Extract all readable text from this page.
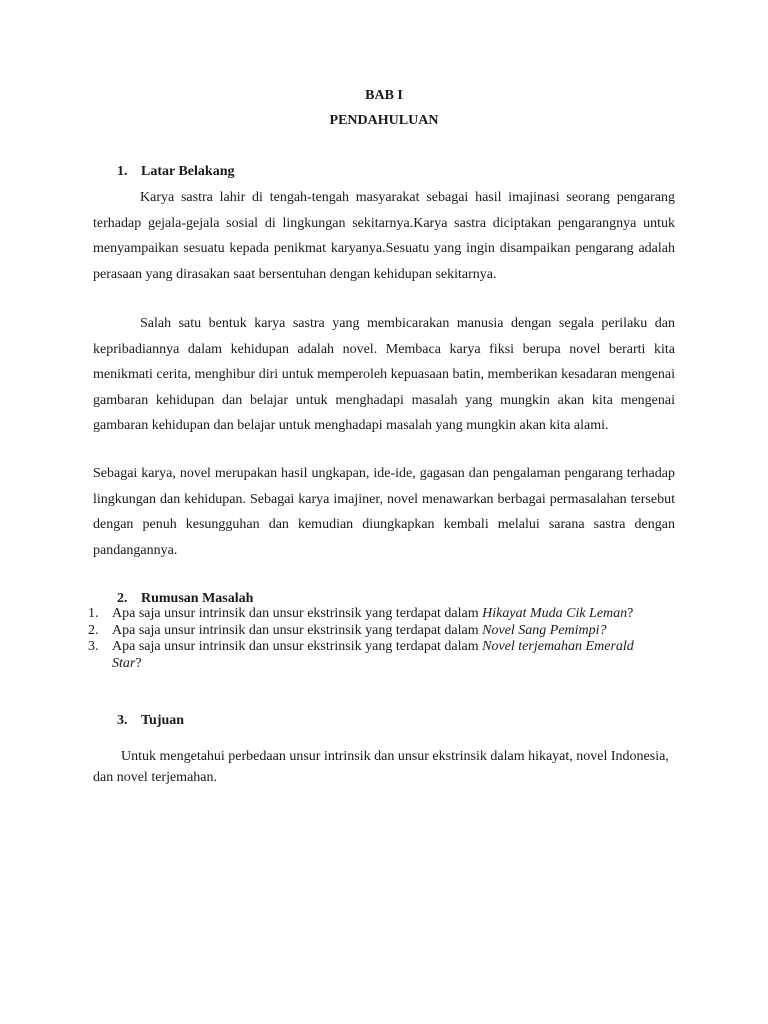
BAB I
PENDAHULUAN
1. Latar Belakang
Karya sastra lahir di tengah-tengah masyarakat sebagai hasil imajinasi seorang pengarang terhadap gejala-gejala sosial di lingkungan sekitarnya.Karya sastra diciptakan pengarangnya untuk menyampaikan sesuatu kepada penikmat karyanya.Sesuatu yang ingin disampaikan pengarang adalah perasaan yang dirasakan saat bersentuhan dengan kehidupan sekitarnya.
Salah satu bentuk karya sastra yang membicarakan manusia dengan segala perilaku dan kepribadiannya dalam kehidupan adalah novel. Membaca karya fiksi berupa novel berarti kita menikmati cerita, menghibur diri untuk memperoleh kepuasaan batin, memberikan kesadaran mengenai gambaran kehidupan dan belajar untuk menghadapi masalah yang mungkin akan kita mengenai gambaran kehidupan dan belajar untuk menghadapi masalah yang mungkin akan kita alami.
Sebagai karya, novel merupakan hasil ungkapan, ide-ide, gagasan dan pengalaman pengarang terhadap lingkungan dan kehidupan. Sebagai karya imajiner, novel menawarkan berbagai permasalahan tersebut dengan penuh kesungguhan dan kemudian diungkapkan kembali melalui sarana sastra dengan pandangannya.
2. Rumusan Masalah
1. Apa saja unsur intrinsik dan unsur ekstrinsik yang terdapat dalam Hikayat Muda Cik Leman?
2. Apa saja unsur intrinsik dan unsur ekstrinsik yang terdapat dalam Novel Sang Pemimpi?
3. Apa saja unsur intrinsik dan unsur ekstrinsik yang terdapat dalam Novel terjemahan Emerald Star?
3. Tujuan
Untuk mengetahui perbedaan unsur intrinsik dan unsur ekstrinsik dalam hikayat, novel Indonesia, dan novel terjemahan.
